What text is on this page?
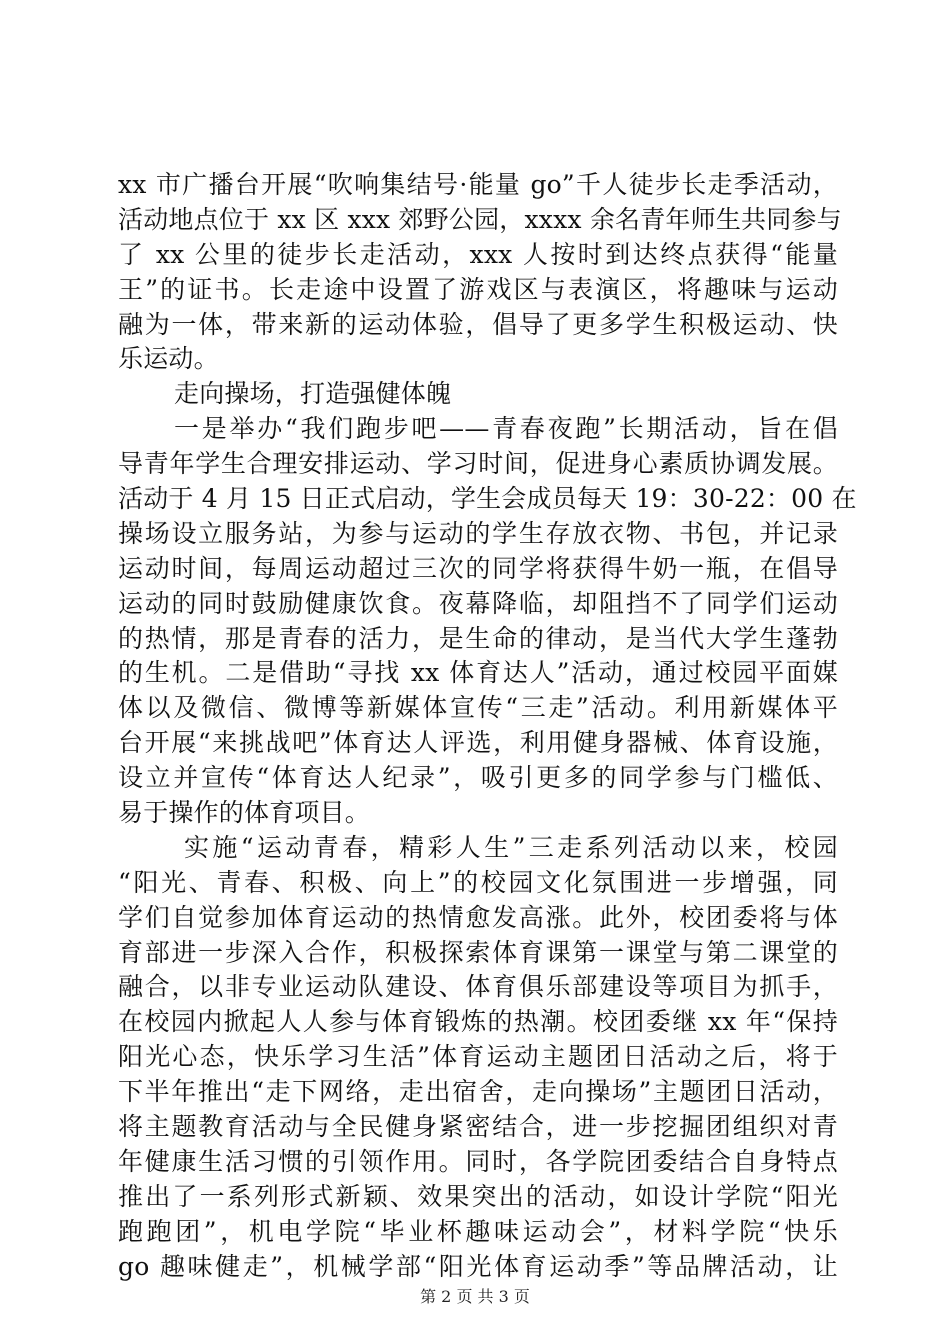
xx 市广播台开展“吹响集结号·能量 go”千人徒步长走季活动，
活动地点位于 xx 区 xxx 郊野公园，xxxx 余名青年师生共同参与
了 xx 公里的徒步长走活动，xxx 人按时到达终点获得“能量
王”的证书。长走途中设置了游戏区与表演区，将趣味与运动
融为一体，带来新的运动体验，倡导了更多学生积极运动、快
乐运动。
走向操场，打造强健体魄
一是举办“我们跑步吧——青春夜跑”长期活动，旨在倡
导青年学生合理安排运动、学习时间，促进身心素质协调发展。
活动于 4 月 15 日正式启动，学生会成员每天 19：30-22：00 在
操场设立服务站，为参与运动的学生存放衣物、书包，并记录
运动时间，每周运动超过三次的同学将获得牛奶一瓶，在倡导
运动的同时鼓励健康饮食。夜幕降临，却阻挡不了同学们运动
的热情，那是青春的活力，是生命的律动，是当代大学生蓬勃
的生机。二是借助“寻找 xx 体育达人”活动，通过校园平面媒
体以及微信、微博等新媒体宣传“三走”活动。利用新媒体平
台开展“来挑战吧”体育达人评选，利用健身器械、体育设施，
设立并宣传“体育达人纪录”，吸引更多的同学参与门槛低、
易于操作的体育项目。
实施“运动青春，精彩人生”三走系列活动以来，校园
“阳光、青春、积极、向上”的校园文化氛围进一步增强，同
学们自觉参加体育运动的热情愈发高涨。此外，校团委将与体
育部进一步深入合作，积极探索体育课第一课堂与第二课堂的
融合，以非专业运动队建设、体育俱乐部建设等项目为抓手，
在校园内掀起人人参与体育锻炼的热潮。校团委继 xx 年“保持
阳光心态，快乐学习生活”体育运动主题团日活动之后，将于
下半年推出“走下网络，走出宿舍，走向操场”主题团日活动，
将主题教育活动与全民健身紧密结合，进一步挖掘团组织对青
年健康生活习惯的引领作用。同时，各学院团委结合自身特点
推出了一系列形式新颖、效果突出的活动，如设计学院“阳光
跑跑团”，机电学院“毕业杯趣味运动会”，材料学院“快乐
go 趣味健走”，机械学部“阳光体育运动季”等品牌活动，让
第 2 页 共 3 页
